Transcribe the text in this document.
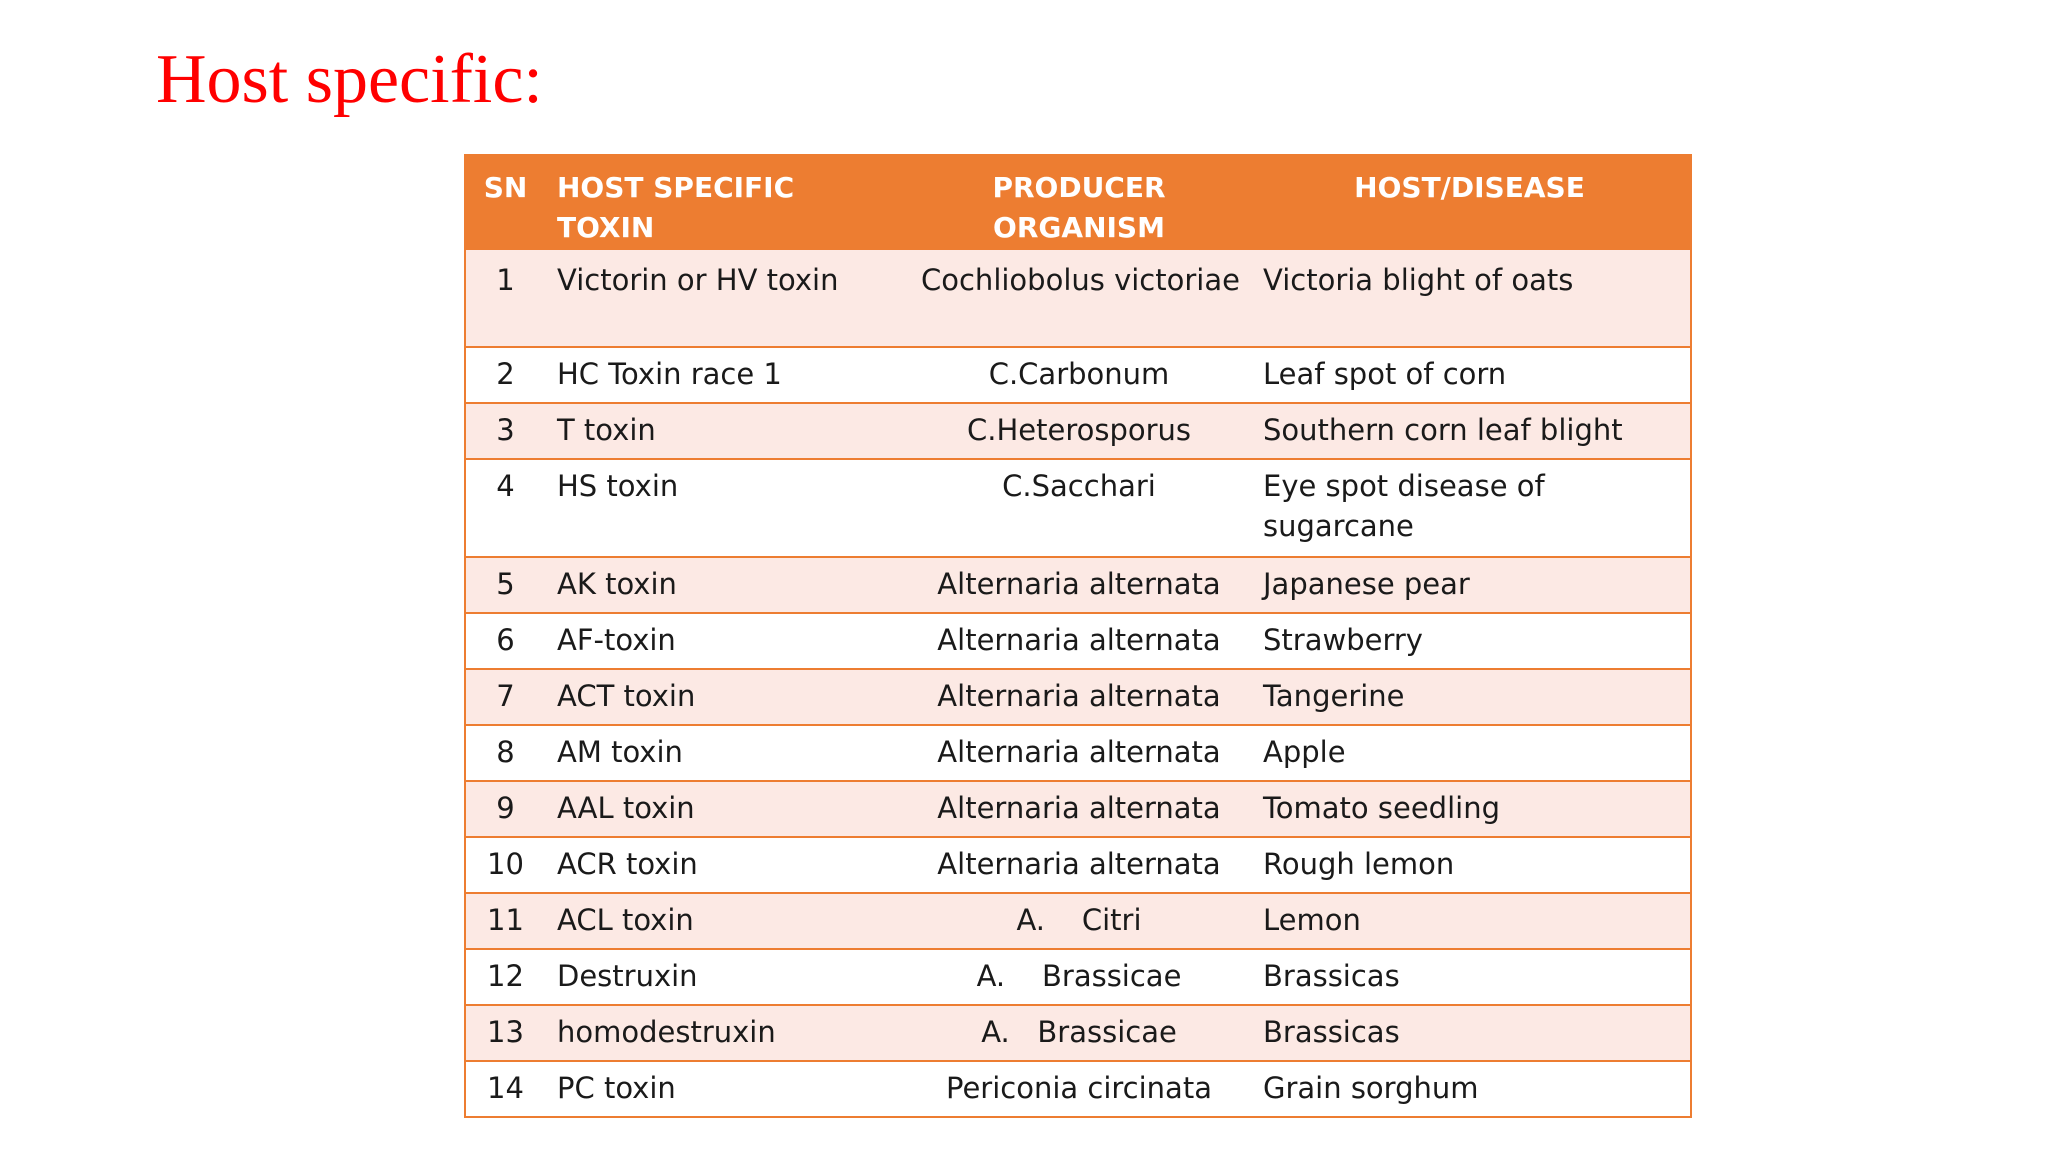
Host specific:
SN	HOST SPECIFIC TOXIN	PRODUCER ORGANISM	HOST/DISEASE
1	Victorin or HV toxin	Cochliobolus victoriae	Victoria blight of oats
2	HC Toxin race 1	C.Carbonum	Leaf spot of corn
3	T toxin	C.Heterosporus	Southern corn leaf blight
4	HS toxin	C.Sacchari	Eye spot disease of sugarcane
5	AK toxin	Alternaria alternata	Japanese pear
6	AF-toxin	Alternaria alternata	Strawberry
7	ACT toxin	Alternaria alternata	Tangerine
8	AM toxin	Alternaria alternata	Apple
9	AAL toxin	Alternaria alternata	Tomato seedling
10	ACR toxin	Alternaria alternata	Rough lemon
11	ACL toxin	A.    Citri	Lemon
12	Destruxin	A.    Brassicae	Brassicas
13	homodestruxin	A.   Brassicae	Brassicas
14	PC toxin	Periconia circinata	Grain sorghum
